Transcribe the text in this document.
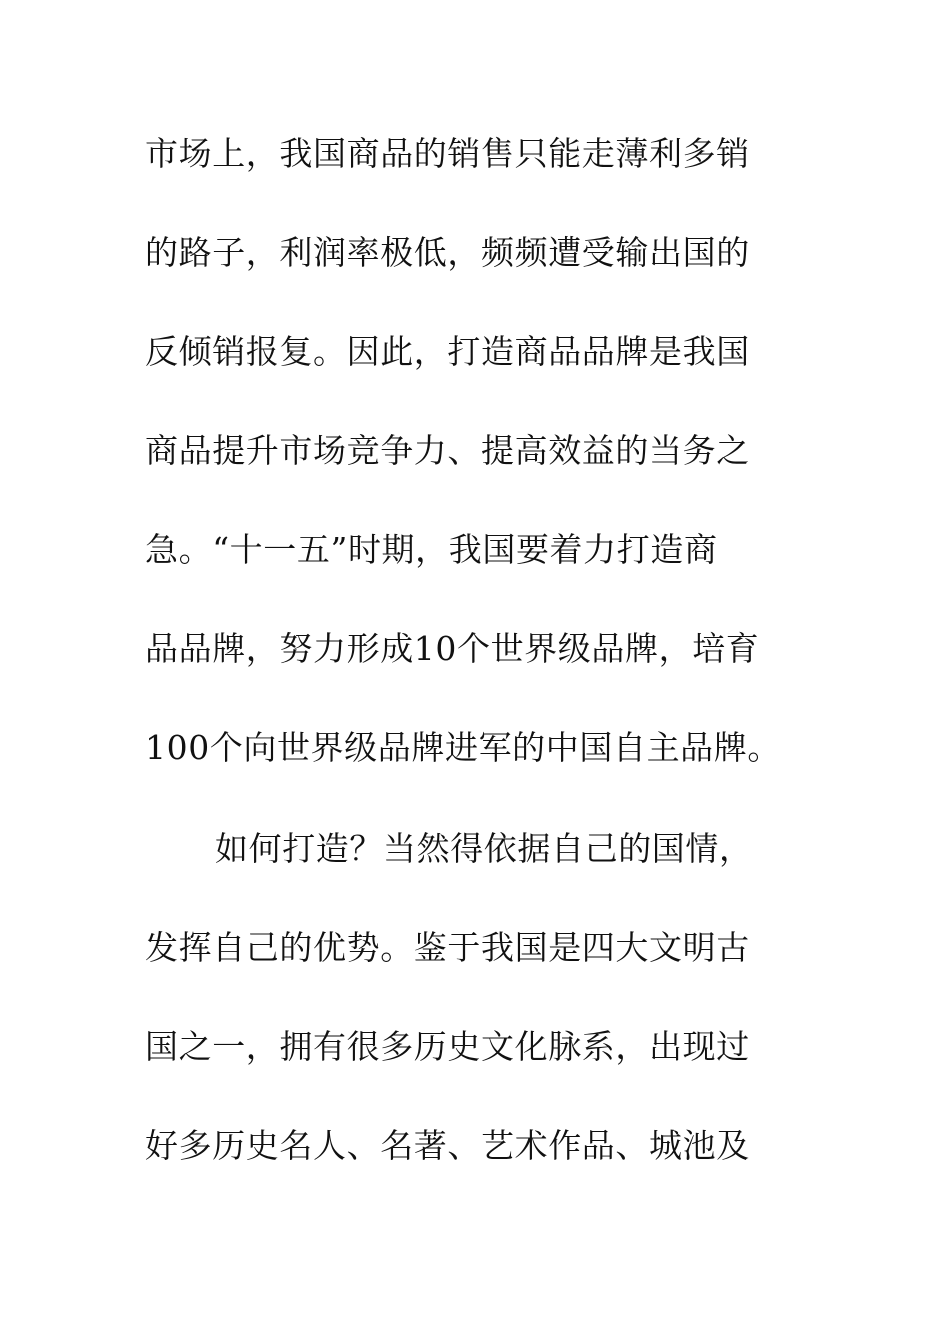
市场上，我国商品的销售只能走薄利多销
的路子，利润率极低，频频遭受输出国的
反倾销报复。因此，打造商品品牌是我国
商品提升市场竞争力、提高效益的当务之
急。“十一五”时期，我国要着力打造商
品品牌，努力形成10个世界级品牌，培育
100个向世界级品牌进军的中国自主品牌。
如何打造？当然得依据自己的国情，
发挥自己的优势。鉴于我国是四大文明古
国之一，拥有很多历史文化脉系，出现过
好多历史名人、名著、艺术作品、城池及
